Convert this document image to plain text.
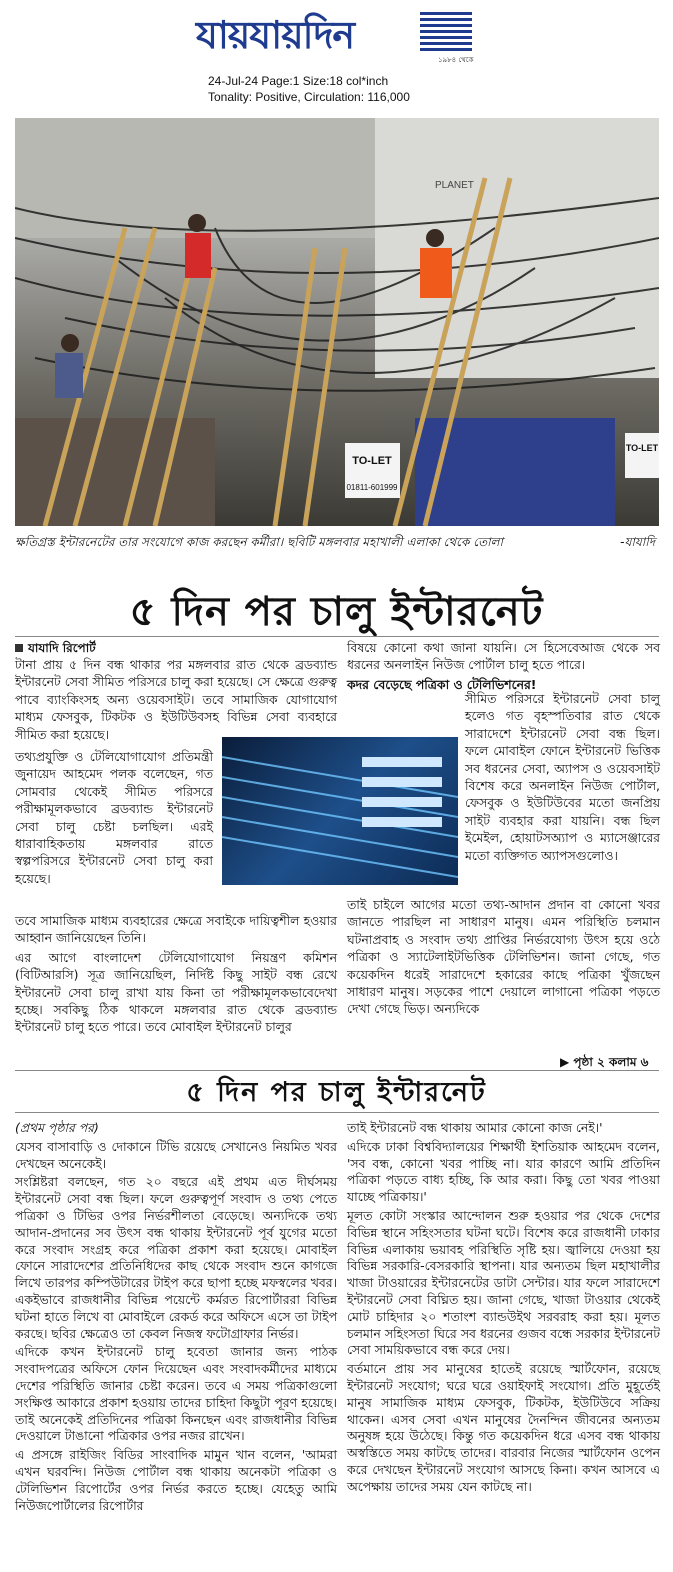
যায়যায়দিন
১৯৮৪ থেকে
24-Jul-24 Page:1 Size:18 col*inch
Tonality: Positive, Circulation: 116,000
TO-LET
01811-601999
TO-LET
PLANET
ক্ষতিগ্রস্ত ইন্টারনেটের তার সংযোগে কাজ করছেন কর্মীরা। ছবিটি মঙ্গলবার মহাখালী এলাকা থেকে তোলা	-যাযাদি
৫ দিন পর চালু ইন্টারনেট
যাযাদি রিপোর্ট

টানা প্রায় ৫ দিন বন্ধ থাকার পর মঙ্গলবার রাত থেকে ব্রডব্যান্ড ইন্টারনেট সেবা সীমিত পরিসরে চালু করা হয়েছে। সে ক্ষেত্রে গুরুত্ব পাবে ব্যাংকিংসহ অন্য ওয়েবসাইট। তবে সামাজিক যোগাযোগ মাধ্যম ফেসবুক, টিকটক ও ইউটিউবসহ বিভিন্ন সেবা ব্যবহারে সীমিত করা হয়েছে।

তথ্যপ্রযুক্তি ও টেলিযোগাযোগ প্রতিমন্ত্রী জুনায়েদ আহমেদ পলক বলেছেন, গত সোমবার থেকেই সীমিত পরিসরে পরীক্ষামূলকভাবে ব্রডব্যান্ড ইন্টারনেট সেবা চালু চেষ্টা চলছিল। এরই ধারাবাহিকতায় মঙ্গলবার রাতে স্বল্পপরিসরে ইন্টারনেট সেবা চালু করা হয়েছে।

তবে সামাজিক মাধ্যম ব্যবহারের ক্ষেত্রে সবাইকে দায়িত্বশীল হওয়ার আহ্বান জানিয়েছেন তিনি।

এর আগে বাংলাদেশ টেলিযোগাযোগ নিয়ন্ত্রণ কমিশন (বিটিআরসি) সূত্র জানিয়েছিল, নির্দিষ্ট কিছু সাইট বন্ধ রেখে ইন্টারনেট সেবা চালু রাখা যায় কিনা তা পরীক্ষামূলকভাবেদেখা হচ্ছে। সবকিছু ঠিক থাকলে মঙ্গলবার রাত থেকে ব্রডব্যান্ড ইন্টারনেট চালু হতে পারে। তবে মোবাইল ইন্টারনেট চালুর

বিষয়ে কোনো কথা জানা যায়নি। সে হিসেবেআজ থেকে সব ধরনের অনলাইন নিউজ পোর্টাল চালু হতে পারে।

কদর বেড়েছে পত্রিকা ও টেলিভিশনের!

সীমিত পরিসরে ইন্টারনেট সেবা চালু হলেও গত বৃহস্পতিবার রাত থেকে সারাদেশে ইন্টারনেট সেবা বন্ধ ছিল। ফলে মোবাইল ফোনে ইন্টারনেট ভিত্তিক সব ধরনের সেবা, অ্যাপস ও ওয়েবসাইট বিশেষ করে অনলাইন নিউজ পোর্টাল, ফেসবুক ও ইউটিউবের মতো জনপ্রিয় সাইট ব্যবহার করা যায়নি। বন্ধ ছিল ইমেইল, হোয়াটসঅ্যাপ ও ম্যাসেঞ্জারের মতো ব্যক্তিগত অ্যাপসগুলোও।

তাই চাইলে আগের মতো তথ্য-আদান প্রদান বা কোনো খবর জানতে পারছিল না সাধারণ মানুষ। এমন পরিস্থিতি চলমান ঘটনাপ্রবাহ ও সংবাদ তথ্য প্রাপ্তির নির্ভরযোগ্য উৎস হয়ে ওঠে পত্রিকা ও স্যাটেলাইটভিত্তিক টেলিভিশন। জানা গেছে, গত কয়েকদিন ধরেই সারাদেশে হকারের কাছে পত্রিকা খুঁজছেন সাধারণ মানুষ। সড়কের পাশে দেয়ালে লাগানো পত্রিকা পড়তে দেখা গেছে ভিড়। অন্যদিকে

▶ পৃষ্ঠা ২ কলাম ৬
৫ দিন পর চালু ইন্টারনেট

(প্রথম পৃষ্ঠার পর)

যেসব বাসাবাড়ি ও দোকানে টিভি রয়েছে সেখানেও নিয়মিত খবর দেখছেন অনেকেই।

সংশ্লিষ্টরা বলছেন, গত ২০ বছরে এই প্রথম এত দীর্ঘসময় ইন্টারনেট সেবা বন্ধ ছিল। ফলে গুরুত্বপূর্ণ সংবাদ ও তথ্য পেতে পত্রিকা ও টিভির ওপর নির্ভরশীলতা বেড়েছে। অন্যদিকে তথ্য আদান-প্রদানের সব উৎস বন্ধ থাকায় ইন্টারনেট পূর্ব যুগের মতো করে সংবাদ সংগ্রহ করে পত্রিকা প্রকাশ করা হয়েছে। মোবাইল ফোনে সারাদেশের প্রতিনিধিদের কাছ থেকে সংবাদ শুনে কাগজে লিখে তারপর কম্পিউটারের টাইপ করে ছাপা হচ্ছে মফস্বলের খবর। একইভাবে রাজধানীর বিভিন্ন পয়েন্টে কর্মরত রিপোর্টাররা বিভিন্ন ঘটনা হাতে লিখে বা মোবাইলে রেকর্ড করে অফিসে এসে তা টাইপ করছে। ছবির ক্ষেত্রেও তা কেবল নিজস্ব ফটোগ্রাফার নির্ভর।

এদিকে কখন ইন্টারনেট চালু হবেতা জানার জন্য পাঠক সংবাদপত্রের অফিসে ফোন দিয়েছেন এবং সংবাদকর্মীদের মাধ্যমে দেশের পরিস্থিতি জানার চেষ্টা করেন। তবে এ সময় পত্রিকাগুলো সংক্ষিপ্ত আকারে প্রকাশ হওয়ায় তাদের চাহিদা কিছুটা পূরণ হয়েছে। তাই অনেকেই প্রতিদিনের পত্রিকা কিনছেন এবং রাজধানীর বিভিন্ন দেওয়ালে টাঙানো পত্রিকার ওপর নজর রাখেন।

এ প্রসঙ্গে রাইজিং বিডির সাংবাদিক মামুন খান বলেন, 'আমরা এখন ঘরবন্দি। নিউজ পোর্টাল বন্ধ থাকায় অনেকটা পত্রিকা ও টেলিভিশন রিপোর্টের ওপর নির্ভর করতে হচ্ছে। যেহেতু আমি নিউজপোর্টালের রিপোর্টার

তাই ইন্টারনেট বন্ধ থাকায় আমার কোনো কাজ নেই।'

এদিকে ঢাকা বিশ্ববিদ্যালয়ের শিক্ষার্থী ইশতিয়াক আহমেদ বলেন, 'সব বন্ধ, কোনো খবর পাচ্ছি না। যার কারণে আমি প্রতিদিন পত্রিকা পড়তে বাধ্য হচ্ছি, কি আর করা। কিছু তো খবর পাওয়া যাচ্ছে পত্রিকায়।'

মূলত কোটা সংস্কার আন্দোলন শুরু হওয়ার পর থেকে দেশের বিভিন্ন স্থানে সহিংসতার ঘটনা ঘটে। বিশেষ করে রাজধানী ঢাকার বিভিন্ন এলাকায় ভয়াবহ পরিস্থিতি সৃষ্টি হয়। জ্বালিয়ে দেওয়া হয় বিভিন্ন সরকারি-বেসরকারি স্থাপনা। যার অন্যতম ছিল মহাখালীর খাজা টাওয়ারের ইন্টারনেটের ডাটা সেন্টার। যার ফলে সারাদেশে ইন্টারনেট সেবা বিঘ্নিত হয়। জানা গেছে, খাজা টাওয়ার থেকেই মোট চাহিদার ২০ শতাংশ ব্যান্ডউইথ সরবরাহ করা হয়। মূলত চলমান সহিংসতা ঘিরে সব ধরনের গুজব বন্ধে সরকার ইন্টারনেট সেবা সাময়িকভাবে বন্ধ করে দেয়।

বর্তমানে প্রায় সব মানুষের হাতেই রয়েছে স্মার্টফোন, রয়েছে ইন্টারনেট সংযোগ; ঘরে ঘরে ওয়াইফাই সংযোগ। প্রতি মুহূর্তেই মানুষ সামাজিক মাধ্যম ফেসবুক, টিকটক, ইউটিউবে সক্রিয় থাকেন। এসব সেবা এখন মানুষের দৈনন্দিন জীবনের অন্যতম অনুষঙ্গ হয়ে উঠেছে। কিন্তু গত কয়েকদিন ধরে এসব বন্ধ থাকায় অস্বস্তিতে সময় কাটছে তাদের। বারবার নিজের স্মার্টফোন ওপেন করে দেখছেন ইন্টারনেট সংযোগ আসছে কিনা। কখন আসবে এ অপেক্ষায় তাদের সময় যেন কাটছে না।
